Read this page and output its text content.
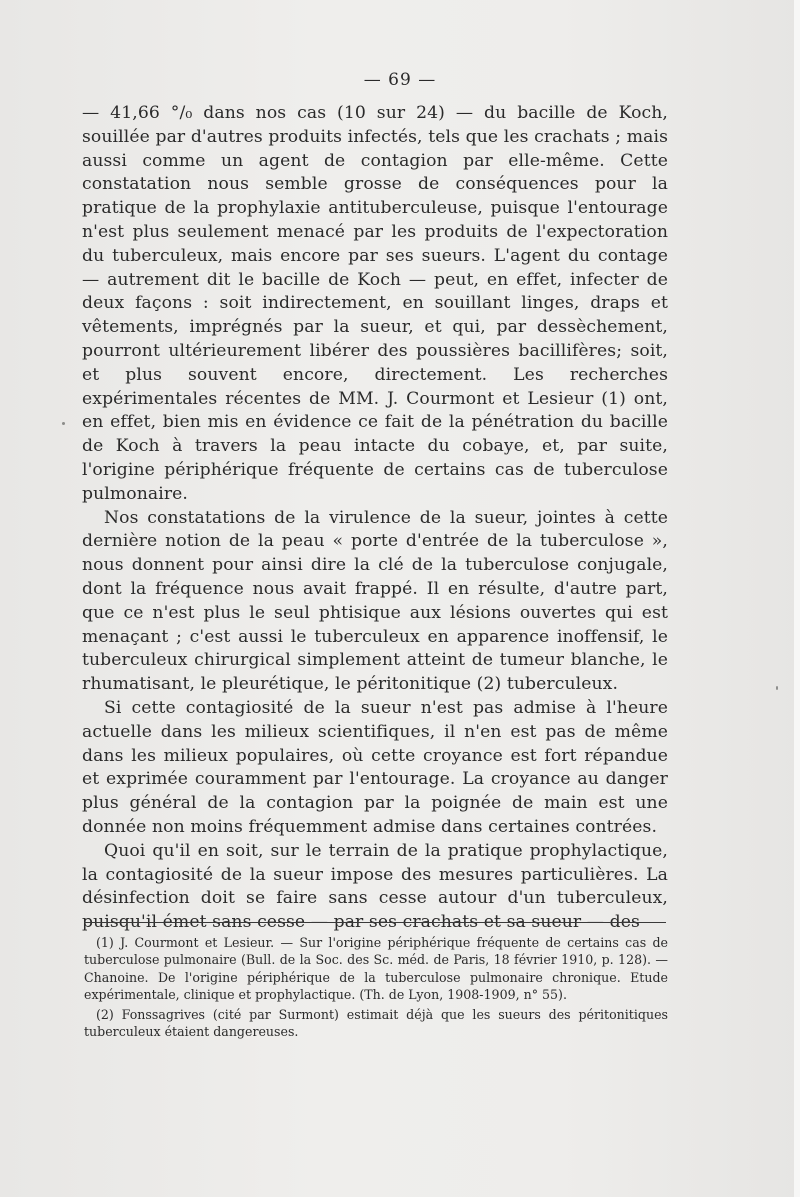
— 69 —

— 41,66 °/₀ dans nos cas (10 sur 24) — du bacille de Koch, souillée par d'autres produits infectés, tels que les crachats ; mais aussi comme un agent de contagion par elle-même. Cette constatation nous semble grosse de conséquences pour la pratique de la prophylaxie antituberculeuse, puisque l'entourage n'est plus seulement menacé par les produits de l'expectoration du tuberculeux, mais encore par ses sueurs. L'agent du contage — autrement dit le bacille de Koch — peut, en effet, infecter de deux façons : soit indirectement, en souillant linges, draps et vêtements, imprégnés par la sueur, et qui, par dessèchement, pourront ultérieurement libérer des poussières bacillifères; soit, et plus souvent encore, directement. Les recherches expérimentales récentes de MM. J. Courmont et Lesieur (1) ont, en effet, bien mis en évidence ce fait de la pénétration du bacille de Koch à travers la peau intacte du cobaye, et, par suite, l'origine périphérique fréquente de certains cas de tuberculose pulmonaire.

Nos constatations de la virulence de la sueur, jointes à cette dernière notion de la peau « porte d'entrée de la tuberculose », nous donnent pour ainsi dire la clé de la tuberculose conjugale, dont la fréquence nous avait frappé. Il en résulte, d'autre part, que ce n'est plus le seul phtisique aux lésions ouvertes qui est menaçant ; c'est aussi le tuberculeux en apparence inoffensif, le tuberculeux chirurgical simplement atteint de tumeur blanche, le rhumatisant, le pleurétique, le péritonitique (2) tuberculeux.

Si cette contagiosité de la sueur n'est pas admise à l'heure actuelle dans les milieux scientifiques, il n'en est pas de même dans les milieux populaires, où cette croyance est fort répandue et exprimée couramment par l'entourage. La croyance au danger plus général de la contagion par la poignée de main est une donnée non moins fréquemment admise dans certaines contrées.

Quoi qu'il en soit, sur le terrain de la pratique prophylactique, la contagiosité de la sueur impose des mesures particulières. La désinfection doit se faire sans cesse autour d'un tuberculeux, puisqu'il émet sans cesse — par ses crachats et sa sueur — des

(1) J. Courmont et Lesieur. — Sur l'origine périphérique fréquente de certains cas de tuberculose pulmonaire (Bull. de la Soc. des Sc. méd. de Paris, 18 février 1910, p. 128). — Chanoine. De l'origine périphérique de la tuberculose pulmonaire chronique. Etude expérimentale, clinique et prophylactique. (Th. de Lyon, 1908-1909, n° 55).

(2) Fonssagrives (cité par Surmont) estimait déjà que les sueurs des péritonitiques tuberculeux étaient dangereuses.
